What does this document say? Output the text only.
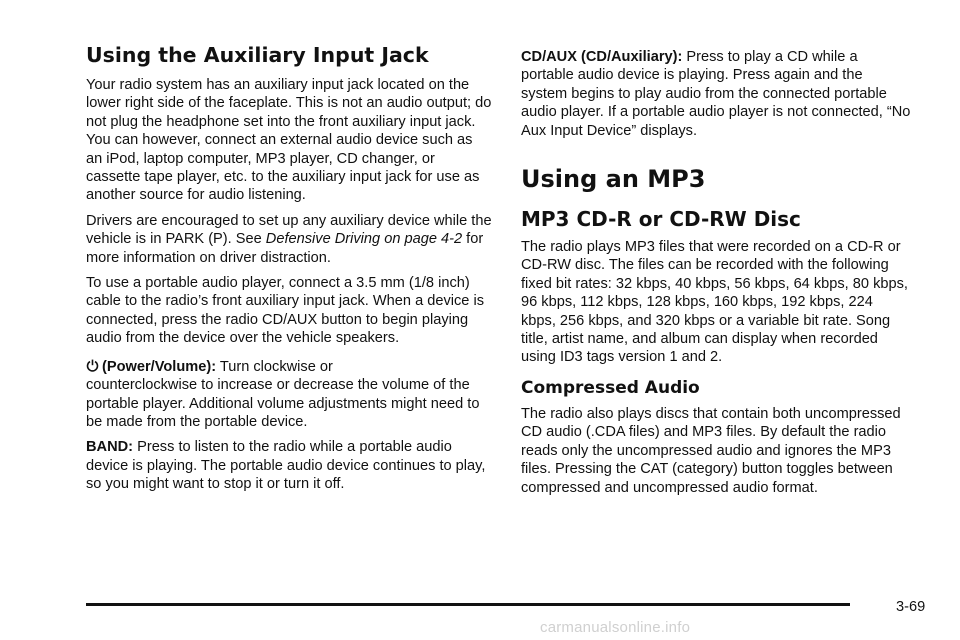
Using the Auxiliary Input Jack

Your radio system has an auxiliary input jack located on the lower right side of the faceplate. This is not an audio output; do not plug the headphone set into the front auxiliary input jack. You can however, connect an external audio device such as an iPod, laptop computer, MP3 player, CD changer, or cassette tape player, etc. to the auxiliary input jack for use as another source for audio listening.

Drivers are encouraged to set up any auxiliary device while the vehicle is in PARK (P). See Defensive Driving on page 4-2 for more information on driver distraction.

To use a portable audio player, connect a 3.5 mm (1/8 inch) cable to the radio’s front auxiliary input jack. When a device is connected, press the radio CD/AUX button to begin playing audio from the device over the vehicle speakers.

(Power/Volume): Turn clockwise or

counterclockwise to increase or decrease the volume of the portable player. Additional volume adjustments might need to be made from the portable device.

BAND: Press to listen to the radio while a portable audio device is playing. The portable audio device continues to play, so you might want to stop it or turn it off.

CD/AUX (CD/Auxiliary): Press to play a CD while a portable audio device is playing. Press again and the system begins to play audio from the connected portable audio player. If a portable audio player is not connected, “No Aux Input Device” displays.

Using an MP3
MP3 CD-R or CD-RW Disc

The radio plays MP3 files that were recorded on a CD-R or CD-RW disc. The files can be recorded with the following fixed bit rates: 32 kbps, 40 kbps, 56 kbps, 64 kbps, 80 kbps, 96 kbps, 112 kbps, 128 kbps, 160 kbps, 192 kbps, 224 kbps, 256 kbps, and 320 kbps or a variable bit rate. Song title, artist name, and album can display when recorded using ID3 tags version 1 and 2.

Compressed Audio

The radio also plays discs that contain both uncompressed CD audio (.CDA files) and MP3 files. By default the radio reads only the uncompressed audio and ignores the MP3 files. Pressing the CAT (category) button toggles between compressed and uncompressed audio format.

3-69
carmanualsonline.info
